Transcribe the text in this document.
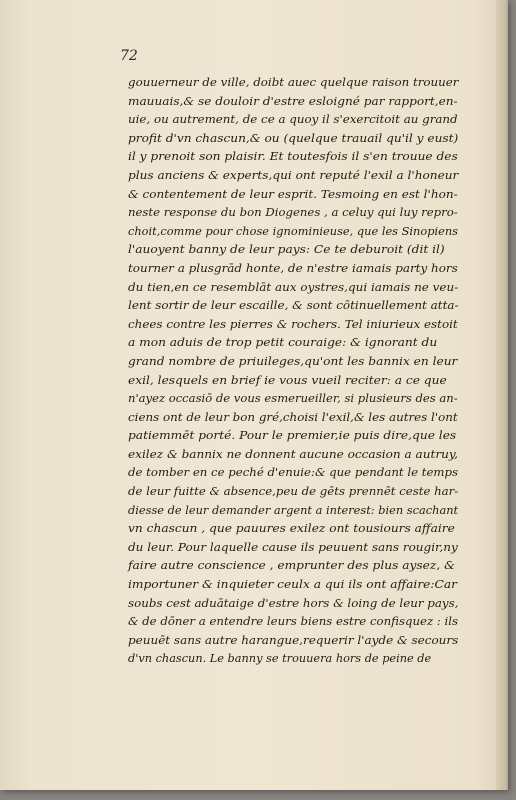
72
gouuerneur de ville, doibt auec quelque raison trouuer
mauuais,& se douloir d'estre esloigné par rapport,en-
uie, ou autrement, de ce a quoy il s'exercitoit au grand
profit d'vn chascun,& ou (quelque trauail qu'il y eust)
il y prenoit son plaisir. Et toutesfois il s'en trouue des
plus anciens & experts,qui ont reputé l'exil a l'honeur
& contentement de leur esprit. Tesmoing en est l'hon-
neste response du bon Diogenes , a celuy qui luy repro-
choit,comme pour chose ignominieuse, que les Sinopiens
l'auoyent banny de leur pays: Ce te deburoit (dit il)
tourner a plusgrād honte, de n'estre iamais party hors
du tien,en ce resemblāt aux oystres,qui iamais ne veu-
lent sortir de leur escaille, & sont cōtinuellement atta-
chees contre les pierres & rochers. Tel iniurieux estoit
a mon aduis de trop petit couraige: & ignorant du
grand nombre de priuileges,qu'ont les bannix en leur
exil, lesquels en brief ie vous vueil reciter: a ce que
n'ayez occasiō de vous esmerueiller, si plusieurs des an-
ciens ont de leur bon gré,choisi l'exil,& les autres l'ont
patiemmēt porté. Pour le premier,ie puis dire,que les
exilez & bannix ne donnent aucune occasion a autruy,
de tomber en ce peché d'enuie:& que pendant le temps
de leur fuitte & absence,peu de gēts prennēt ceste har-
diesse de leur demander argent a interest: bien scachant
vn chascun , que pauures exilez ont tousiours affaire
du leur. Pour laquelle cause ils peuuent sans rougir,ny
faire autre conscience , emprunter des plus aysez, &
importuner & inquieter ceulx a qui ils ont affaire:Car
soubs cest aduātaige d'estre hors & loing de leur pays,
& de dōner a entendre leurs biens estre confisquez : ils
peuuēt sans autre harangue,requerir l'ayde & secours
d'vn chascun. Le banny se trouuera hors de peine de
